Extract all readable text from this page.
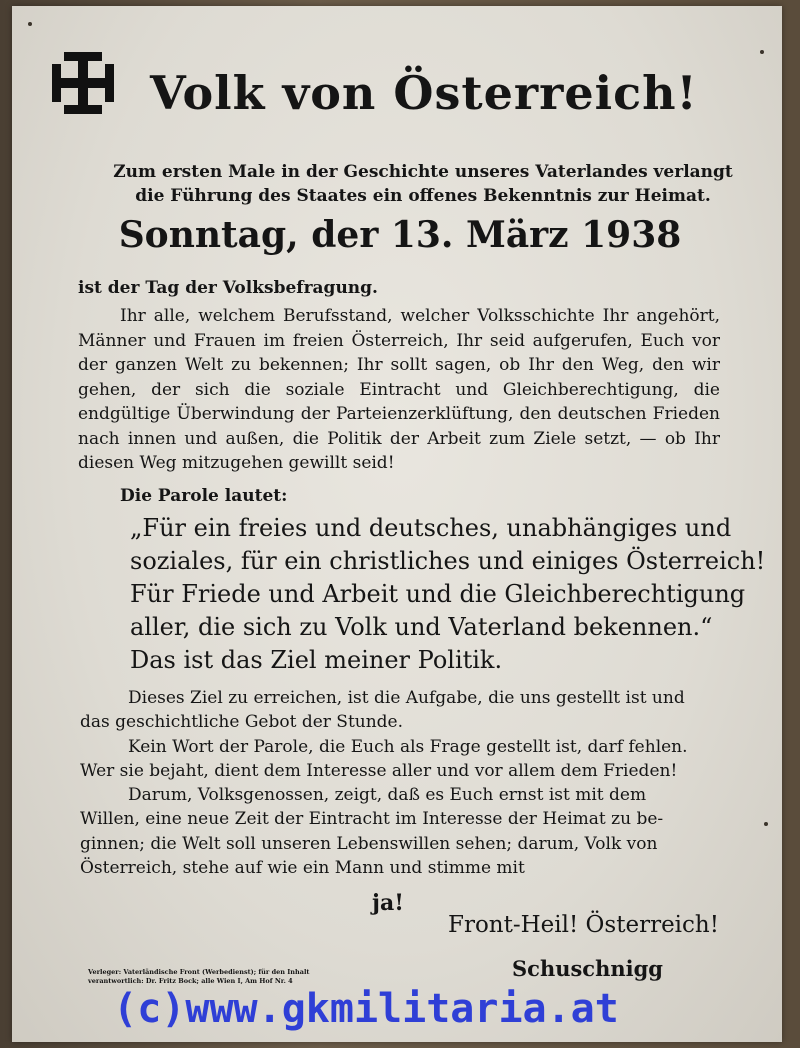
Volk von Österreich!
Zum ersten Male in der Geschichte unseres Vaterlandes verlangt
die Führung des Staates ein offenes Bekenntnis zur Heimat.
Sonntag, der 13. März 1938
ist der Tag der Volksbefragung.

Ihr alle, welchem Berufsstand, welcher Volksschichte Ihr angehört, Männer und Frauen im freien Österreich, Ihr seid aufgerufen, Euch vor der ganzen Welt zu bekennen; Ihr sollt sagen, ob Ihr den Weg, den wir gehen, der sich die soziale Eintracht und Gleichberechtigung, die endgültige Überwindung der Parteienzerklüftung, den deutschen Frieden nach innen und außen, die Politik der Arbeit zum Ziele setzt, — ob Ihr diesen Weg mitzugehen gewillt seid!

Die Parole lautet:
„Für ein freies und deutsches, unabhängiges und
soziales, für ein christliches und einiges Österreich!
Für Friede und Arbeit und die Gleichberechtigung
aller, die sich zu Volk und Vaterland bekennen.“
Das ist das Ziel meiner Politik.
Dieses Ziel zu erreichen, ist die Aufgabe, die uns gestellt ist und
das geschichtliche Gebot der Stunde.
Kein Wort der Parole, die Euch als Frage gestellt ist, darf fehlen.
Wer sie bejaht, dient dem Interesse aller und vor allem dem Frieden!
Darum, Volksgenossen, zeigt, daß es Euch ernst ist mit dem
Willen, eine neue Zeit der Eintracht im Interesse der Heimat zu be-
ginnen; die Welt soll unseren Lebenswillen sehen; darum, Volk von
Österreich, stehe auf wie ein Mann und stimme mit
ja!
Front-Heil! Österreich!
Schuschnigg
Verleger: Vaterländische Front (Werbedienst); für den Inhalt
verantwortlich: Dr. Fritz Bock; alle Wien I, Am Hof Nr. 4
(c)www.gkmilitaria.at
